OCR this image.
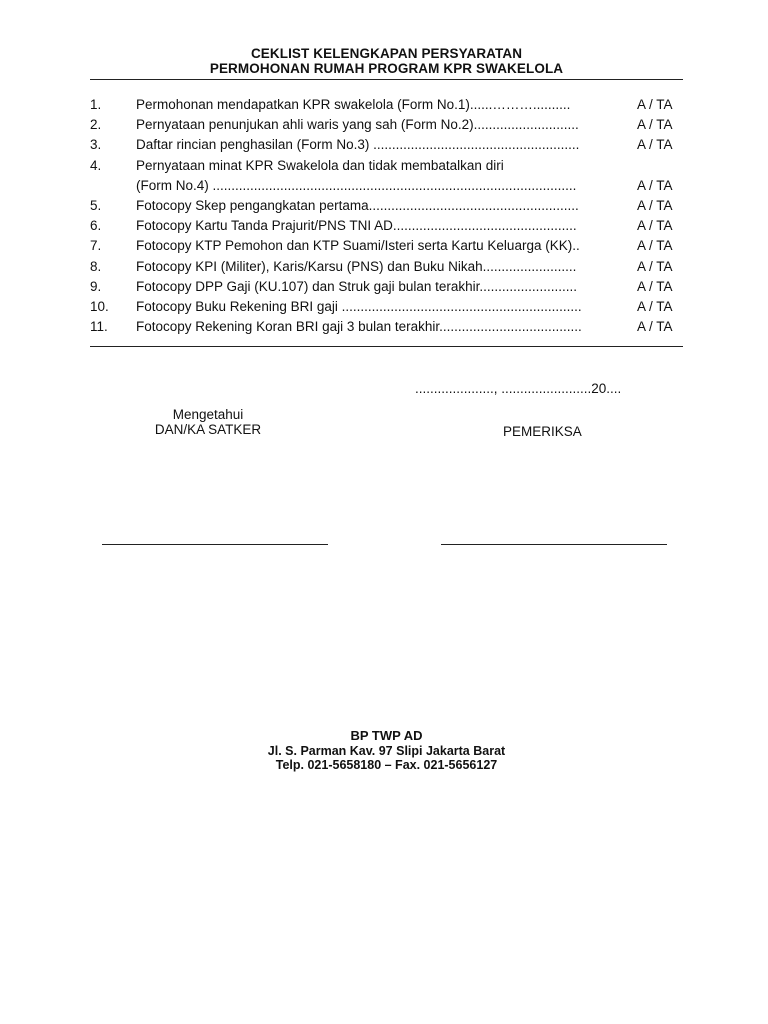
CEKLIST KELENGKAPAN PERSYARATAN
PERMOHONAN RUMAH PROGRAM KPR SWAKELOLA
1.	Permohonan mendapatkan KPR swakelola (Form No.1)......………..........	A / TA
2.	Pernyataan penunjukan ahli waris yang sah (Form No.2)............................	A / TA
3.	Daftar rincian penghasilan (Form No.3) .......................................................	A / TA
4.	Pernyataan minat KPR Swakelola dan tidak membatalkan diri
(Form No.4) .................................................................................................	A / TA
5.	Fotocopy Skep pengangkatan pertama........................................................	A / TA
6.	Fotocopy Kartu Tanda Prajurit/PNS TNI AD.................................................	A / TA
7.	Fotocopy KTP Pemohon dan KTP Suami/Isteri serta Kartu Keluarga (KK)..	A / TA
8.	Fotocopy KPI (Militer), Karis/Karsu (PNS) dan Buku Nikah.........................	A / TA
9.	Fotocopy DPP Gaji (KU.107) dan Struk gaji bulan terakhir..........................	A / TA
10.	Fotocopy Buku Rekening BRI gaji ................................................................	A / TA
11.	Fotocopy Rekening Koran BRI gaji 3 bulan terakhir......................................	A / TA
....................., ........................20....
Mengetahui
DAN/KA SATKER	PEMERIKSA
BP TWP AD
Jl. S. Parman Kav. 97 Slipi Jakarta Barat
Telp. 021-5658180 – Fax. 021-5656127
